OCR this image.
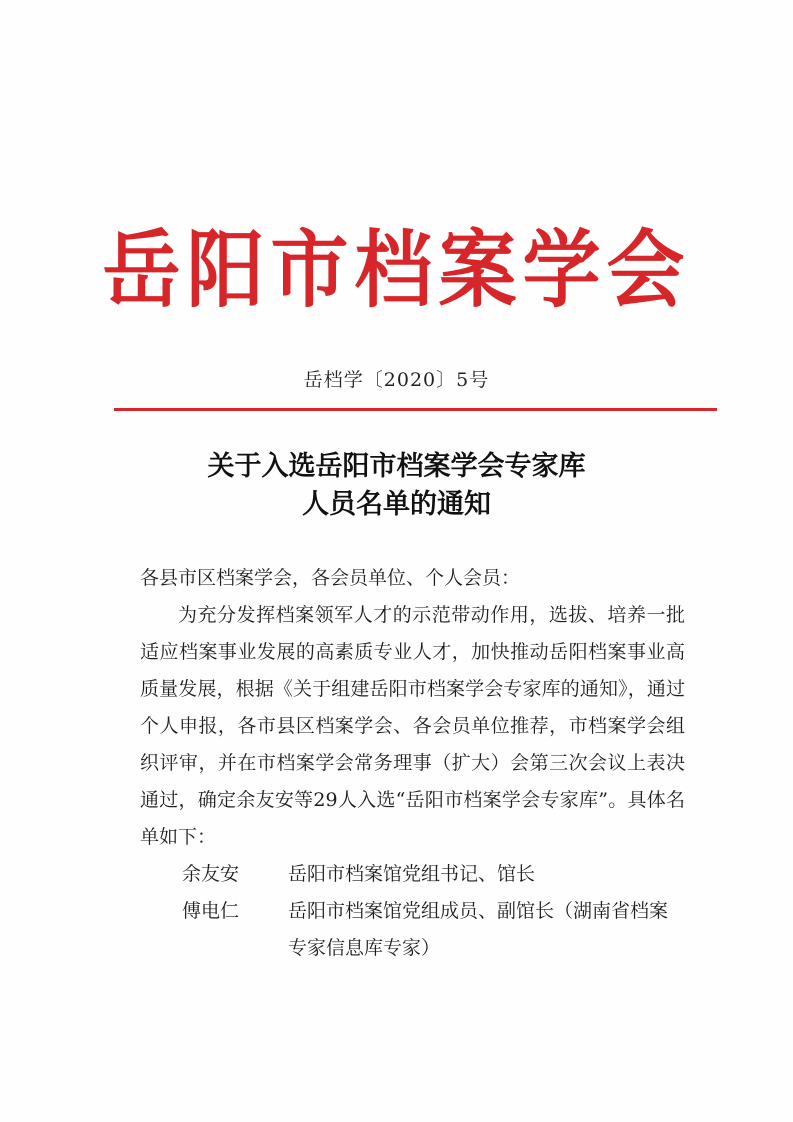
岳阳市档案学会
岳档学〔2020〕5号
关于入选岳阳市档案学会专家库
人员名单的通知

各县市区档案学会，各会员单位、个人会员：

为充分发挥档案领军人才的示范带动作用，选拔、培养一批适应档案事业发展的高素质专业人才，加快推动岳阳档案事业高质量发展，根据《关于组建岳阳市档案学会专家库的通知》，通过个人申报，各市县区档案学会、各会员单位推荐，市档案学会组织评审，并在市档案学会常务理事（扩大）会第三次会议上表决通过，确定余友安等29人入选“岳阳市档案学会专家库”。具体名单如下：

余友安	岳阳市档案馆党组书记、馆长
傅电仁	岳阳市档案馆党组成员、副馆长（湖南省档案专家信息库专家）
